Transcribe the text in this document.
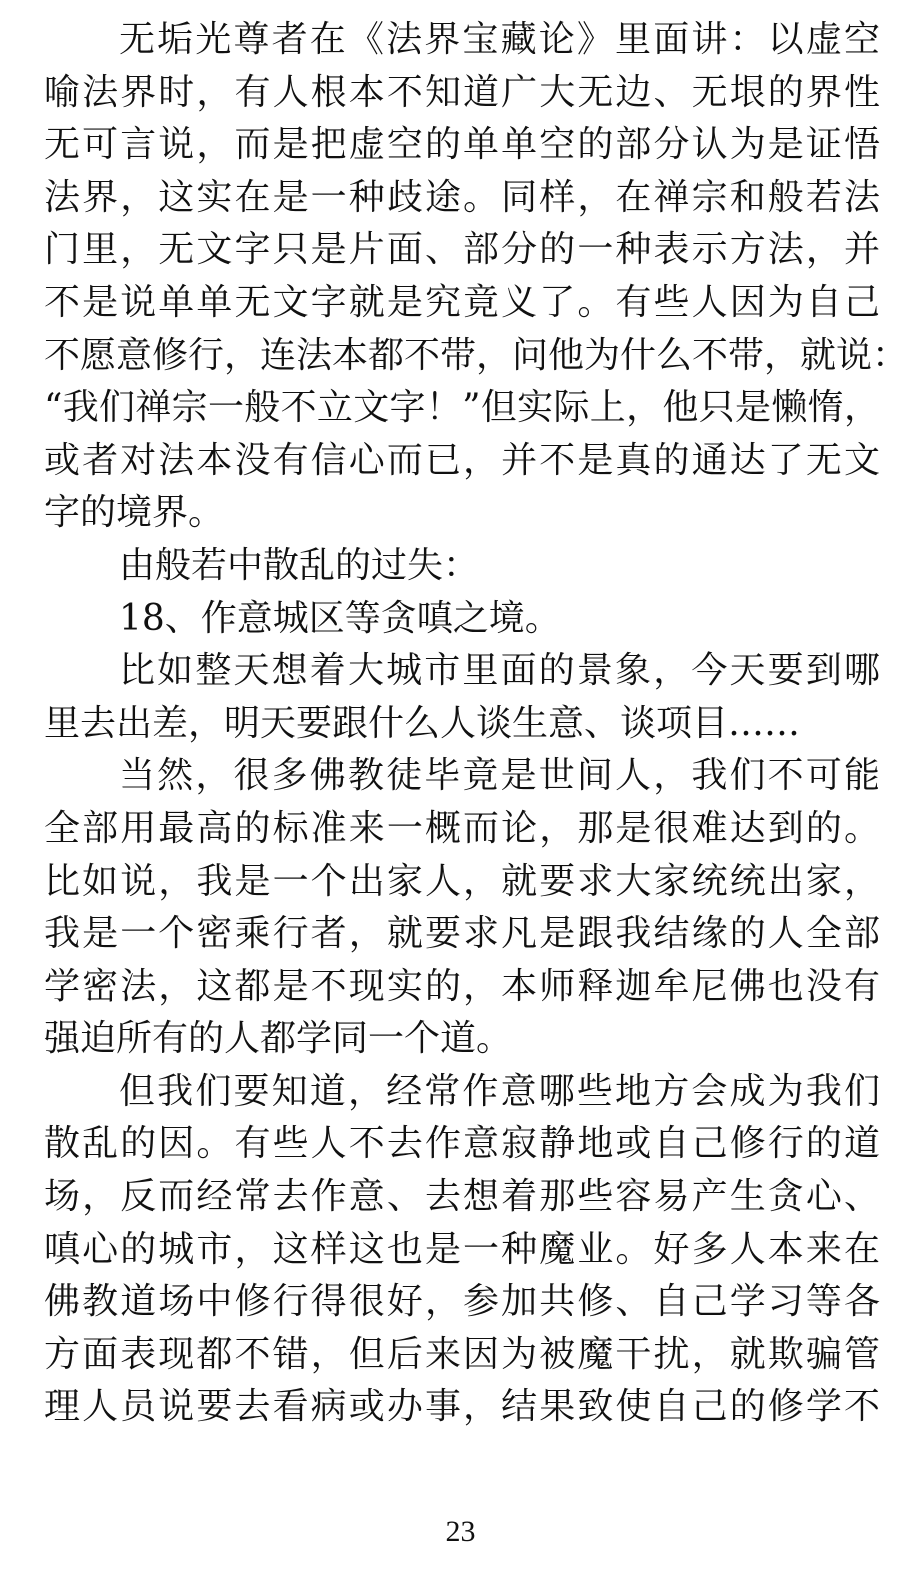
无垢光尊者在《法界宝藏论》里面讲：以虚空
喻法界时，有人根本不知道广大无边、无垠的界性
无可言说，而是把虚空的单单空的部分认为是证悟
法界，这实在是一种歧途。同样，在禅宗和般若法
门里，无文字只是片面、部分的一种表示方法，并
不是说单单无文字就是究竟义了。有些人因为自己
不愿意修行，连法本都不带，问他为什么不带，就说：
“我们禅宗一般不立文字！”但实际上，他只是懒惰，
或者对法本没有信心而已，并不是真的通达了无文
字的境界。
由般若中散乱的过失：
18、作意城区等贪嗔之境。
比如整天想着大城市里面的景象，今天要到哪
里去出差，明天要跟什么人谈生意、谈项目……
当然，很多佛教徒毕竟是世间人，我们不可能
全部用最高的标准来一概而论，那是很难达到的。
比如说，我是一个出家人，就要求大家统统出家，
我是一个密乘行者，就要求凡是跟我结缘的人全部
学密法，这都是不现实的，本师释迦牟尼佛也没有
强迫所有的人都学同一个道。
但我们要知道，经常作意哪些地方会成为我们
散乱的因。有些人不去作意寂静地或自己修行的道
场，反而经常去作意、去想着那些容易产生贪心、
嗔心的城市，这样这也是一种魔业。好多人本来在
佛教道场中修行得很好，参加共修、自己学习等各
方面表现都不错，但后来因为被魔干扰，就欺骗管
理人员说要去看病或办事，结果致使自己的修学不
23
